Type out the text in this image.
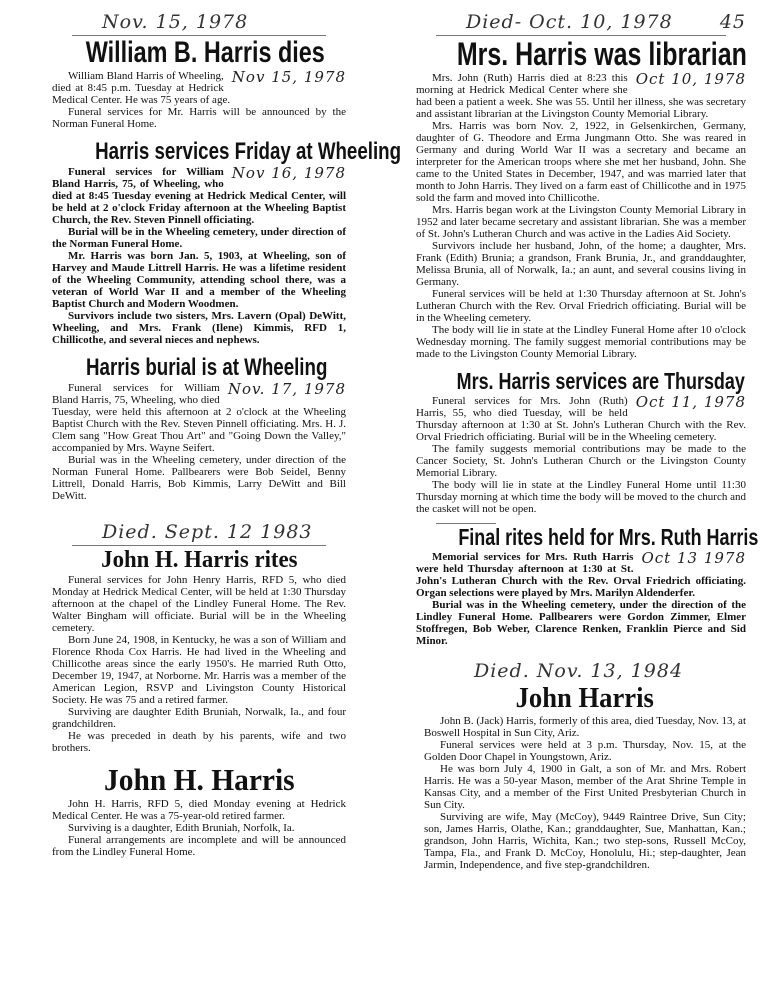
Nov. 15, 1978
William B. Harris dies
Nov 15, 1978

William Bland Harris of Wheeling, died at 8:45 p.m. Tuesday at Hedrick Medical Center. He was 75 years of age.

Funeral services for Mr. Harris will be announced by the Norman Funeral Home.

Harris services Friday at Wheeling
Nov 16, 1978

Funeral services for William Bland Harris, 75, of Wheeling, who died at 8:45 Tuesday evening at Hedrick Medical Center, will be held at 2 o'clock Friday afternoon at the Wheeling Baptist Church, the Rev. Steven Pinnell officiating.

Burial will be in the Wheeling cemetery, under direction of the Norman Funeral Home.

Mr. Harris was born Jan. 5, 1903, at Wheeling, son of Harvey and Maude Littrell Harris. He was a lifetime resident of the Wheeling Community, attending school there, was a veteran of World War II and a member of the Wheeling Baptist Church and Modern Woodmen.

Survivors include two sisters, Mrs. Lavern (Opal) DeWitt, Wheeling, and Mrs. Frank (Ilene) Kimmis, RFD 1, Chillicothe, and several nieces and nephews.

Harris burial is at Wheeling
Nov. 17, 1978

Funeral services for William Bland Harris, 75, Wheeling, who died Tuesday, were held this afternoon at 2 o'clock at the Wheeling Baptist Church with the Rev. Steven Pinnell officiating. Mrs. H. J. Clem sang "How Great Thou Art" and "Going Down the Valley," accompanied by Mrs. Wayne Seifert.

Burial was in the Wheeling cemetery, under direction of the Norman Funeral Home. Pallbearers were Bob Seidel, Benny Littrell, Donald Harris, Bob Kimmis, Larry DeWitt and Bill DeWitt.

Died. Sept. 12 1983
John H. Harris rites

Funeral services for John Henry Harris, RFD 5, who died Monday at Hedrick Medical Center, will be held at 1:30 Thursday afternoon at the chapel of the Lindley Funeral Home. The Rev. Walter Bingham will officiate. Burial will be in the Wheeling cemetery.

Born June 24, 1908, in Kentucky, he was a son of William and Florence Rhoda Cox Harris. He had lived in the Wheeling and Chillicothe areas since the early 1950's. He married Ruth Otto, December 19, 1947, at Norborne. Mr. Harris was a member of the American Legion, RSVP and Livingston County Historical Society. He was 75 and a retired farmer.

Surviving are daughter Edith Bruniah, Norwalk, Ia., and four grandchildren.

He was preceded in death by his parents, wife and two brothers.

John H. Harris

John H. Harris, RFD 5, died Monday evening at Hedrick Medical Center. He was a 75-year-old retired farmer.

Surviving is a daughter, Edith Bruniah, Norfolk, Ia.

Funeral arrangements are incomplete and will be announced from the Lindley Funeral Home.

Died- Oct. 10, 1978 45
Mrs. Harris was librarian
Oct 10, 1978

Mrs. John (Ruth) Harris died at 8:23 this morning at Hedrick Medical Center where she had been a patient a week. She was 55. Until her illness, she was secretary and assistant librarian at the Livingston County Memorial Library.

Mrs. Harris was born Nov. 2, 1922, in Gelsenkirchen, Germany, daughter of G. Theodore and Erma Jungmann Otto. She was reared in Germany and during World War II was a secretary and became an interpreter for the American troops where she met her husband, John. She came to the United States in December, 1947, and was married later that month to John Harris. They lived on a farm east of Chillicothe and in 1975 sold the farm and moved into Chillicothe.

Mrs. Harris began work at the Livingston County Memorial Library in 1952 and later became secretary and assistant librarian. She was a member of St. John's Lutheran Church and was active in the Ladies Aid Society.

Survivors include her husband, John, of the home; a daughter, Mrs. Frank (Edith) Brunia; a grandson, Frank Brunia, Jr., and granddaughter, Melissa Brunia, all of Norwalk, Ia.; an aunt, and several cousins living in Germany.

Funeral services will be held at 1:30 Thursday afternoon at St. John's Lutheran Church with the Rev. Orval Friedrich officiating. Burial will be in the Wheeling cemetery.

The body will lie in state at the Lindley Funeral Home after 10 o'clock Wednesday morning. The family suggest memorial contributions may be made to the Livingston County Memorial Library.

Mrs. Harris services are Thursday
Oct 11, 1978

Funeral services for Mrs. John (Ruth) Harris, 55, who died Tuesday, will be held Thursday afternoon at 1:30 at St. John's Lutheran Church with the Rev. Orval Friedrich officiating. Burial will be in the Wheeling cemetery.

The family suggests memorial contributions may be made to the Cancer Society, St. John's Lutheran Church or the Livingston County Memorial Library.

The body will lie in state at the Lindley Funeral Home until 11:30 Thursday morning at which time the body will be moved to the church and the casket will not be open.

Final rites held for Mrs. Ruth Harris
Oct 13 1978

Memorial services for Mrs. Ruth Harris were held Thursday afternoon at 1:30 at St. John's Lutheran Church with the Rev. Orval Friedrich officiating. Organ selections were played by Mrs. Marilyn Aldenderfer.

Burial was in the Wheeling cemetery, under the direction of the Lindley Funeral Home. Pallbearers were Gordon Zimmer, Elmer Stoffregen, Bob Weber, Clarence Renken, Franklin Pierce and Sid Minor.

Died. Nov. 13, 1984
John Harris

John B. (Jack) Harris, formerly of this area, died Tuesday, Nov. 13, at Boswell Hospital in Sun City, Ariz.

Funeral services were held at 3 p.m. Thursday, Nov. 15, at the Golden Door Chapel in Youngstown, Ariz.

He was born July 4, 1900 in Galt, a son of Mr. and Mrs. Robert Harris. He was a 50-year Mason, member of the Arat Shrine Temple in Kansas City, and a member of the First United Presbyterian Church in Sun City.

Surviving are wife, May (McCoy), 9449 Raintree Drive, Sun City; son, James Harris, Olathe, Kan.; granddaughter, Sue, Manhattan, Kan.; grandson, John Harris, Wichita, Kan.; two step-sons, Russell McCoy, Tampa, Fla., and Frank D. McCoy, Honolulu, Hi.; step-daughter, Jean Jarmin, Independence, and five step-grandchildren.
